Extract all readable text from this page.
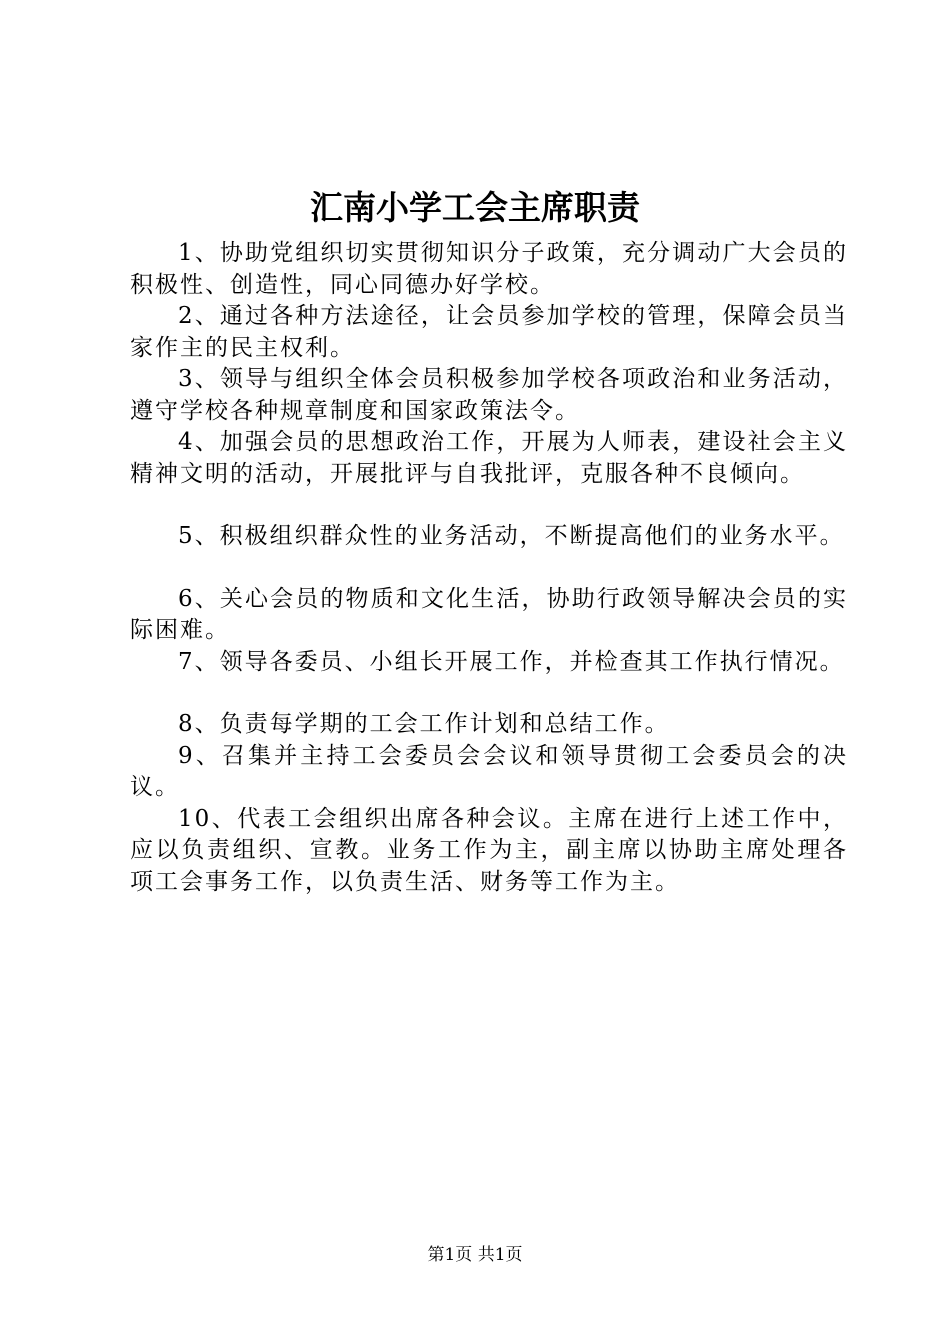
汇南小学工会主席职责

1、协助党组织切实贯彻知识分子政策，充分调动广大会员的积极性、创造性，同心同德办好学校。

2、通过各种方法途径，让会员参加学校的管理，保障会员当家作主的民主权利。

3、领导与组织全体会员积极参加学校各项政治和业务活动，遵守学校各种规章制度和国家政策法令。

4、加强会员的思想政治工作，开展为人师表，建设社会主义精神文明的活动，开展批评与自我批评，克服各种不良倾向。

5、积极组织群众性的业务活动，不断提高他们的业务水平。

6、关心会员的物质和文化生活，协助行政领导解决会员的实际困难。

7、领导各委员、小组长开展工作，并检查其工作执行情况。

8、负责每学期的工会工作计划和总结工作。

9、召集并主持工会委员会会议和领导贯彻工会委员会的决议。

10、代表工会组织出席各种会议。主席在进行上述工作中，应以负责组织、宣教。业务工作为主，副主席以协助主席处理各项工会事务工作，以负责生活、财务等工作为主。

第1页 共1页
